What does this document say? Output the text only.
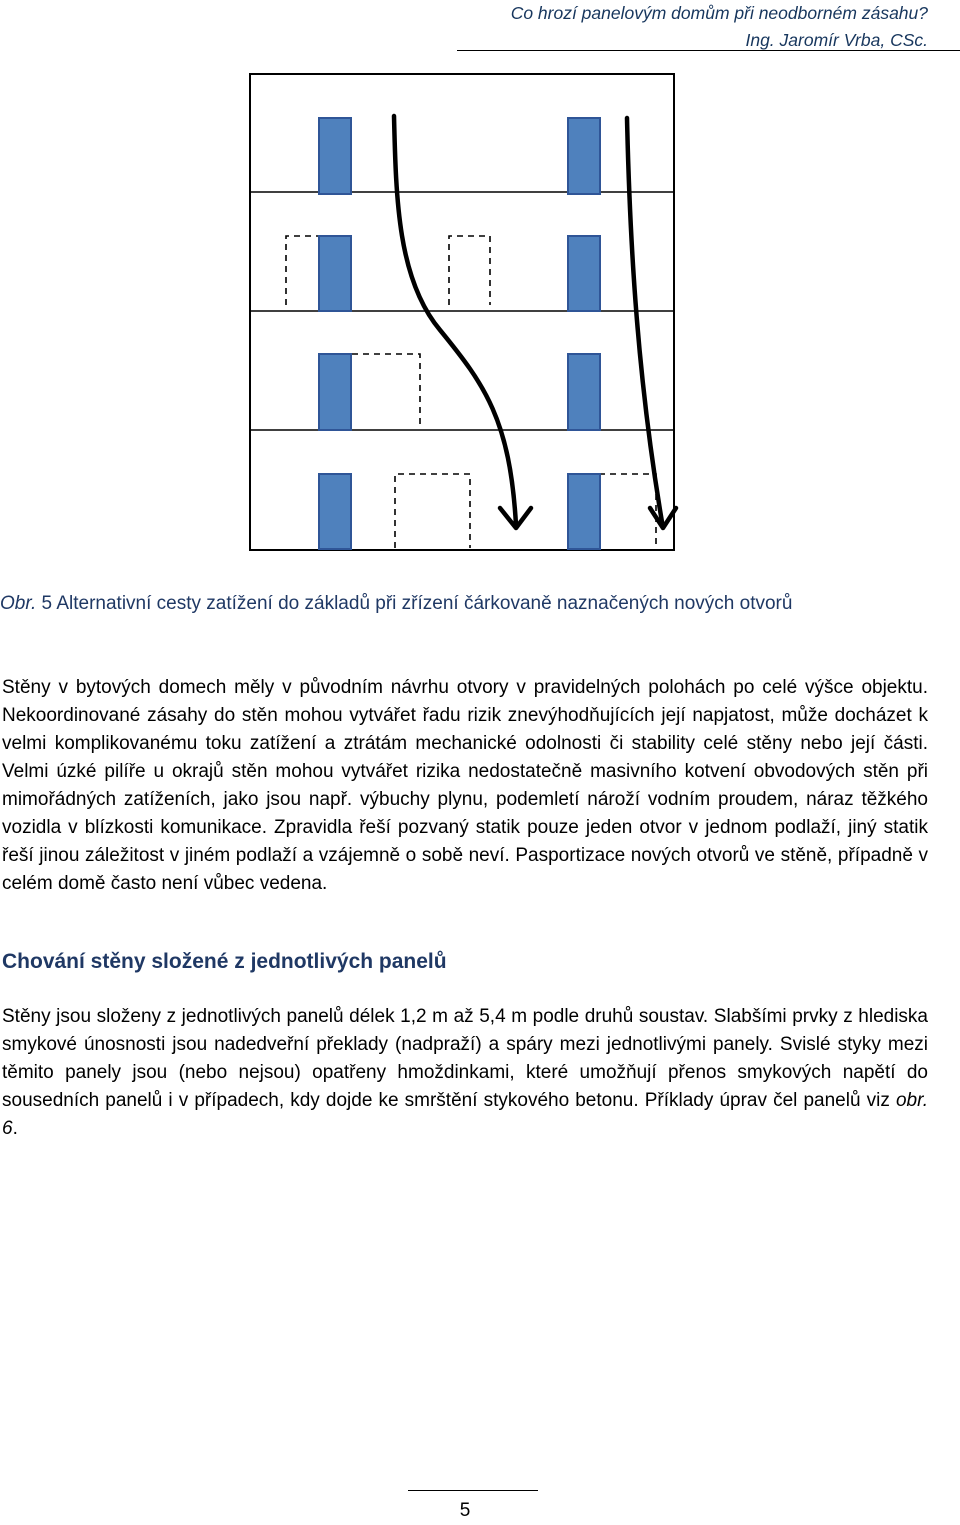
Co hrozí panelovým domům při neodborném zásahu?
Ing. Jaromír Vrba, CSc.
Obr. 5 Alternativní cesty zatížení do základů při zřízení čárkovaně naznačených nových otvorů
Stěny v bytových domech měly v původním návrhu otvory v pravidelných polohách po celé výšce objektu. Nekoordinované zásahy do stěn mohou vytvářet řadu rizik znevýhodňujících její napjatost, může docházet k velmi komplikovanému toku zatížení a ztrátám mechanické odolnosti či stability celé stěny nebo její části. Velmi úzké pilíře u okrajů stěn mohou vytvářet rizika nedostatečně masivního kotvení obvodových stěn při mimořádných zatíženích, jako jsou např. výbuchy plynu, podemletí nároží vodním proudem, náraz těžkého vozidla v blízkosti komunikace. Zpravidla řeší pozvaný statik pouze jeden otvor v jednom podlaží, jiný statik řeší jinou záležitost v jiném podlaží a vzájemně o sobě neví. Pasportizace nových otvorů ve stěně, případně v celém domě často není vůbec vedena.
Chování stěny složené z jednotlivých panelů
Stěny jsou složeny z jednotlivých panelů délek 1,2 m až 5,4 m podle druhů soustav. Slabšími prvky z hlediska smykové únosnosti jsou nadedveřní překlady (nadpraží) a spáry mezi jednotlivými panely. Svislé styky mezi těmito panely jsou (nebo nejsou) opatřeny hmoždinkami, které umožňují přenos smykových napětí do sousedních panelů i v případech, kdy dojde ke smrštění stykového betonu. Příklady úprav čel panelů viz obr. 6.
5
